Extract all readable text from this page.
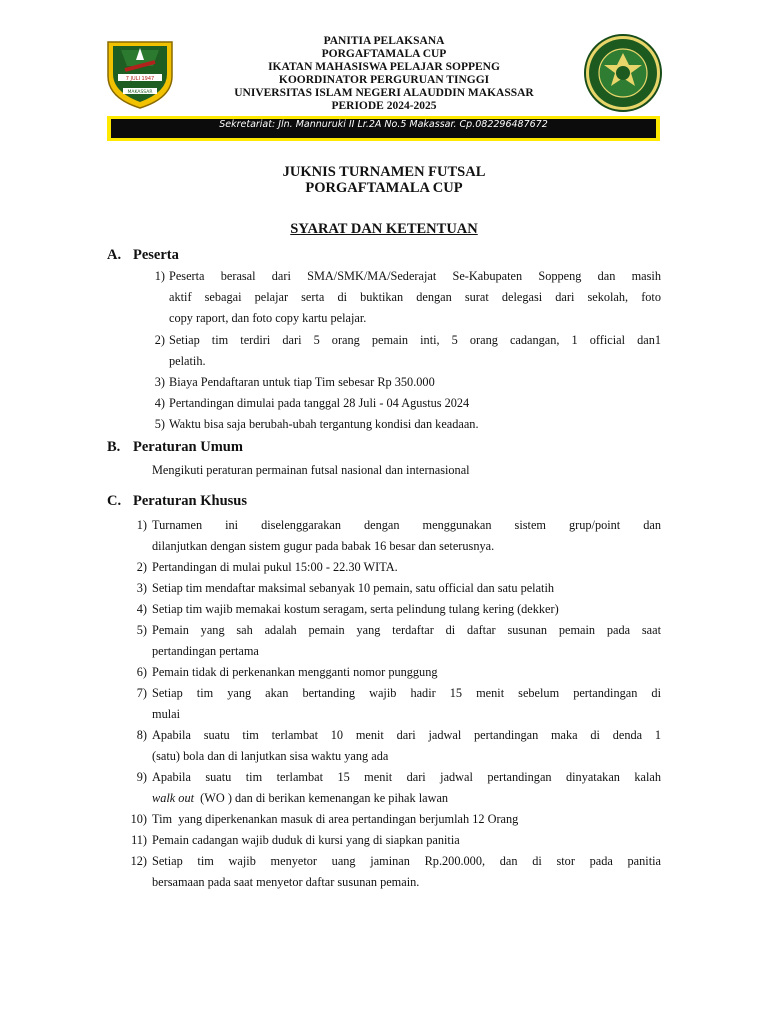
7 JULI 1947
MAKASSAR
PANITIA PELAKSANA
PORGAFTAMALA CUP
IKATAN MAHASISWA PELAJAR SOPPENG
KOORDINATOR PERGURUAN TINGGI
UNIVERSITAS ISLAM NEGERI ALAUDDIN MAKASSAR
PERIODE 2024-2025
Sekretariat: Jln. Mannuruki II Lr.2A No.5 Makassar. Cp.082296487672
JUKNIS TURNAMEN FUTSAL
PORGAFTAMALA CUP
SYARAT DAN KETENTUAN
A. Peserta
1) Peserta berasal dari SMA/SMK/MA/Sederajat Se-Kabupaten Soppeng dan masih
aktif sebagai pelajar serta di buktikan dengan surat delegasi dari sekolah, foto
copy raport, dan foto copy kartu pelajar.
2) Setiap tim terdiri dari 5 orang pemain inti, 5 orang cadangan, 1 official dan1
pelatih.
3) Biaya Pendaftaran untuk tiap Tim sebesar Rp 350.000
4) Pertandingan dimulai pada tanggal 28 Juli - 04 Agustus 2024
5) Waktu bisa saja berubah-ubah tergantung kondisi dan keadaan.
B. Peraturan Umum
Mengikuti peraturan permainan futsal nasional dan internasional
C. Peraturan Khusus
1) Turnamen ini diselenggarakan dengan menggunakan sistem grup/point dan
dilanjutkan dengan sistem gugur pada babak 16 besar dan seterusnya.
2) Pertandingan di mulai pukul 15:00 - 22.30 WITA.
3) Setiap tim mendaftar maksimal sebanyak 10 pemain, satu official dan satu pelatih
4) Setiap tim wajib memakai kostum seragam, serta pelindung tulang kering (dekker)
5) Pemain yang sah adalah pemain yang terdaftar di daftar susunan pemain pada saat
pertandingan pertama
6) Pemain tidak di perkenankan mengganti nomor punggung
7) Setiap tim yang akan bertanding wajib hadir 15 menit sebelum pertandingan di
mulai
8) Apabila suatu tim terlambat 10 menit dari jadwal pertandingan maka di denda 1
(satu) bola dan di lanjutkan sisa waktu yang ada
9) Apabila suatu tim terlambat 15 menit dari jadwal pertandingan dinyatakan kalah
walk out  (WO ) dan di berikan kemenangan ke pihak lawan
10) Tim  yang diperkenankan masuk di area pertandingan berjumlah 12 Orang
11) Pemain cadangan wajib duduk di kursi yang di siapkan panitia
12) Setiap tim wajib menyetor uang jaminan Rp.200.000, dan di stor pada panitia
bersamaan pada saat menyetor daftar susunan pemain.
